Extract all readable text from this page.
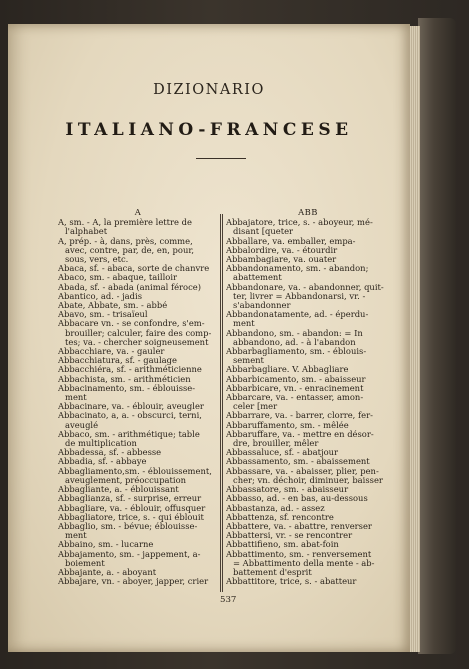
DIZIONARIO
ITALIANO-FRANCESE
A
A, sm. - A, la première lettre de
l'alphabet
A, prép. - à, dans, près, comme,
avec, contre, par, de, en, pour,
sous, vers, etc.
Abaca, sf. - abaca, sorte de chanvre
Abaco, sm. - abaque, tailloir
Abada, sf. - abada (animal féroce)
Abantico, ad. - jadis
Abate, Abbate, sm. - abbé
Abavo, sm. - trisaïeul
Abbacare vn. - se confondre, s'em-
brouiller; calculer, faire des comp-
tes; va. - chercher soigneusement
Abbacchiare, va. - gauler
Abbacchiatura, sf. - gaulage
Abbacchiéra, sf. - arithméticienne
Abbachista, sm. - arithméticien
Abbacinamento, sm. - éblouisse-
ment
Abbacinare, va. - éblouir, aveugler
Abbacinato, a, a. - obscurci, terni,
aveuglé
Abbaco, sm. - arithmétique; table
de multiplication
Abbadessa, sf. - abbesse
Abbadia, sf. - abbaye
Abbagliamento,sm. - éblouissement,
aveuglement, préoccupation
Abbagliante, a. - éblouissant
Abbaglianza, sf. - surprise, erreur
Abbagliare, va. - éblouir, offusquer
Abbagliatore, trice, s. - qui éblouit
Abbaglio, sm. - bévue; éblouisse-
ment
Abbaino, sm. - lucarne
Abbajamento, sm. - jappement, a-
boiement
Abbajante, a. - aboyant
Abbajare, vn. - aboyer, japper, crier
ABB
Abbajatore, trice, s. - aboyeur, mé-
disant [queter
Abballare, va. emballer, empa-
Abbalordire, va. - étourdir
Abbambagiare, va. ouater
Abbandonamento, sm. - abandon;
abattement
Abbandonare, va. - abandonner, quit-
ter, livrer = Abbandonarsi, vr. -
s'abandonner
Abbandonatamente, ad. - éperdu-
ment
Abbandono, sm. - abandon: = In
abbandono, ad. - à l'abandon
Abbarbagliamento, sm. - éblouis-
sement
Abbarbagliare. V. Abbagliare
Abbarbicamento, sm. - abaisseur
Abbarbicare, vn. - enracinement
Abbarcare, va. - entasser, amon-
celer [mer
Abbarrare, va. - barrer, clorre, fer-
Abbaruffamento, sm. - mêlée
Abbaruffare, va. - mettre en désor-
dre, brouiller, mêler
Abbassaluce, sf. - abatjour
Abbassamento, sm. - abaissement
Abbassare, va. - abaisser, plier, pen-
cher; vn. déchoir, diminuer, baisser
Abbassatore, sm. - abaisseur
Abbasso, ad. - en bas, au-dessous
Abbastanza, ad. - assez
Abbattenza, sf. rencontre
Abbattere, va. - abattre, renverser
Abbattersi, vr. - se rencontrer
Abbattifieno, sm. abat-foin
Abbattimento, sm. - renversement
= Abbattimento della mente - ab-
battement d'esprit
Abbattitore, trice, s. - abatteur
537
